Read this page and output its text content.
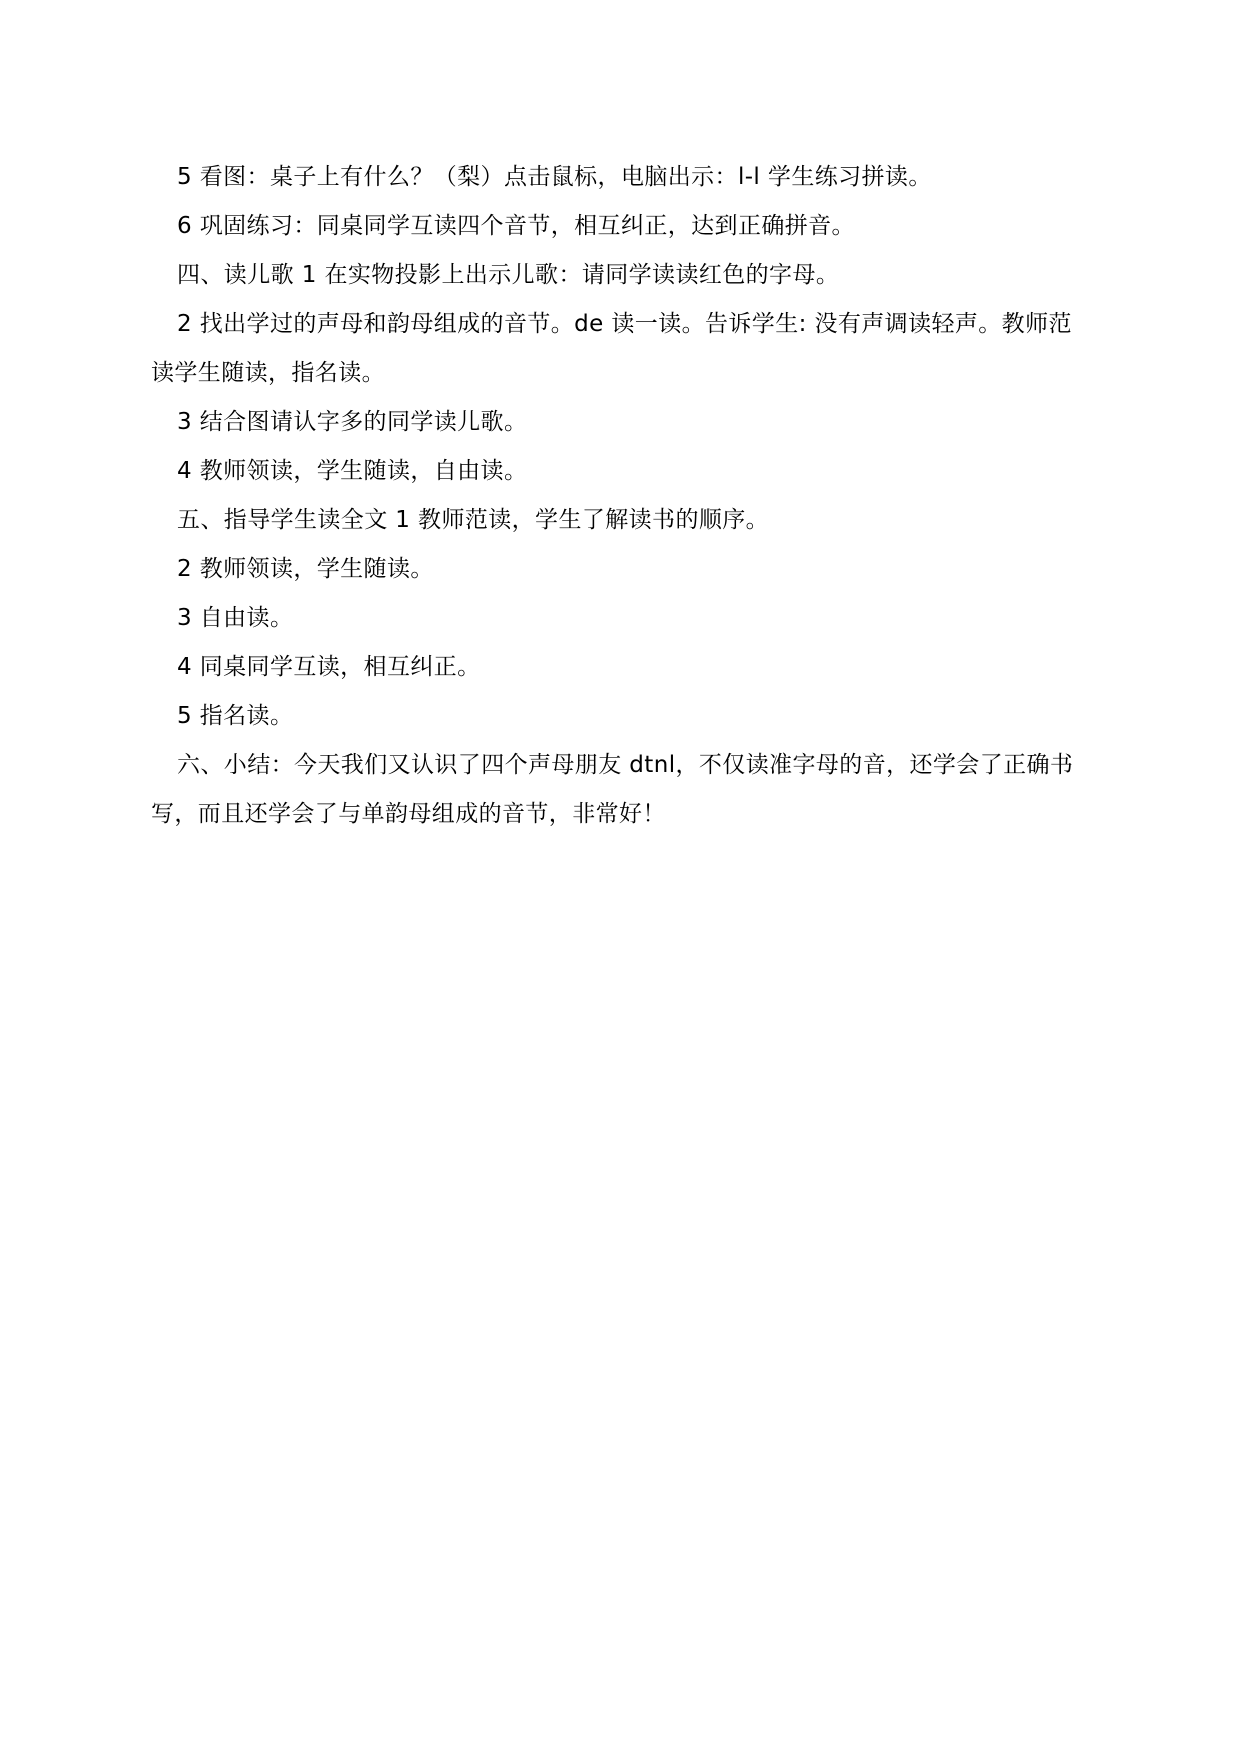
5 看图：桌子上有什么？（梨）点击鼠标，电脑出示：l-l 学生练习拼读。

6 巩固练习：同桌同学互读四个音节，相互纠正，达到正确拼音。

四、读儿歌 1 在实物投影上出示儿歌：请同学读读红色的字母。

2 找出学过的声母和韵母组成的音节。de 读一读。告诉学生: 没有声调读轻声。教师范读学生随读，指名读。

3 结合图请认字多的同学读儿歌。

4 教师领读，学生随读，自由读。

五、指导学生读全文 1 教师范读，学生了解读书的顺序。

2 教师领读，学生随读。

3 自由读。

4 同桌同学互读，相互纠正。

5 指名读。

六、小结：今天我们又认识了四个声母朋友 dtnl，不仅读准字母的音，还学会了正确书写，而且还学会了与单韵母组成的音节，非常好！
